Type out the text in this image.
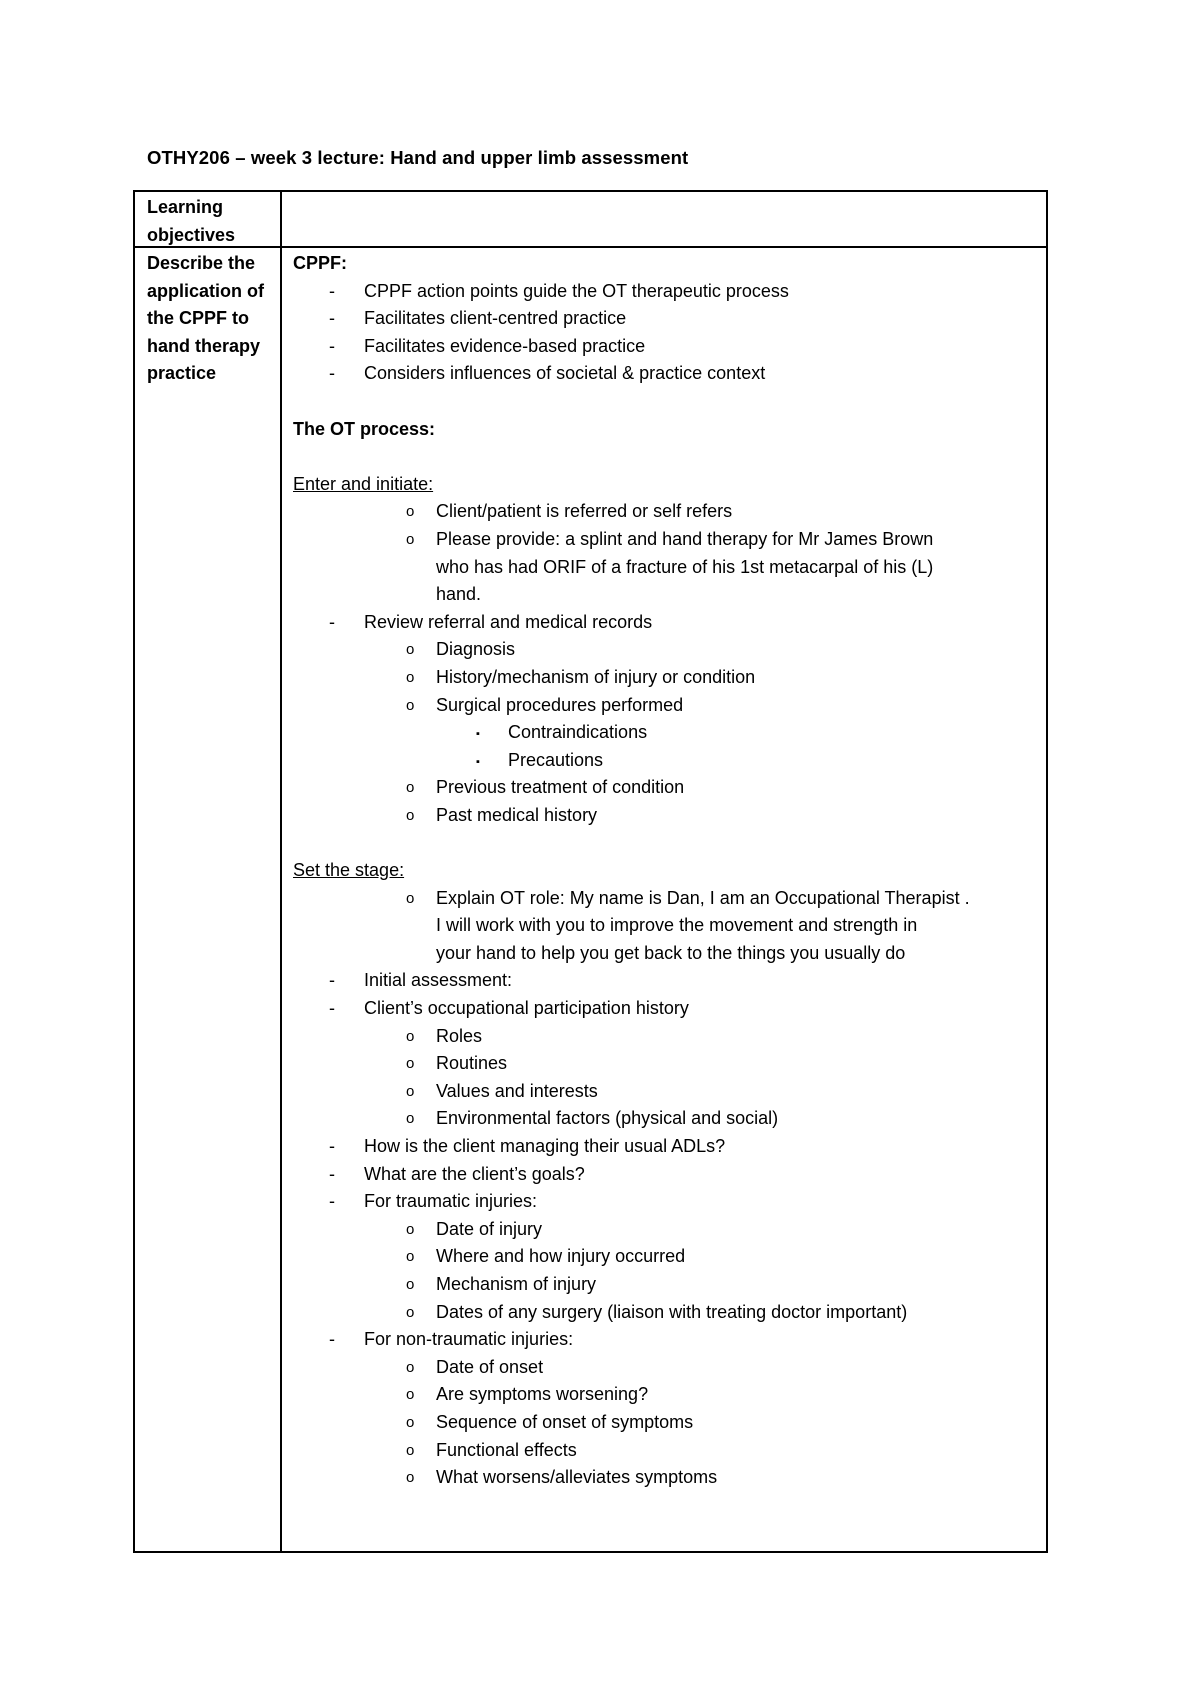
OTHY206 – week 3 lecture: Hand and upper limb assessment
Learning objectives
Describe the application of the CPPF to hand therapy practice
CPPF:
- CPPF action points guide the OT therapeutic process
- Facilitates client-centred practice
- Facilitates evidence-based practice
- Considers influences of societal & practice context
The OT process:
Enter and initiate:
o Client/patient is referred or self refers
o Please provide: a splint and hand therapy for Mr James Brown
who has had ORIF of a fracture of his 1st metacarpal of his (L)
hand.
- Review referral and medical records
o Diagnosis
o History/mechanism of injury or condition
o Surgical procedures performed
▪ Contraindications
▪ Precautions
o Previous treatment of condition
o Past medical history
Set the stage:
o Explain OT role: My name is Dan, I am an Occupational Therapist .
I will work with you to improve the movement and strength in
your hand to help you get back to the things you usually do
- Initial assessment:
- Client’s occupational participation history
o Roles
o Routines
o Values and interests
o Environmental factors (physical and social)
- How is the client managing their usual ADLs?
- What are the client’s goals?
- For traumatic injuries:
o Date of injury
o Where and how injury occurred
o Mechanism of injury
o Dates of any surgery (liaison with treating doctor important)
- For non-traumatic injuries:
o Date of onset
o Are symptoms worsening?
o Sequence of onset of symptoms
o Functional effects
o What worsens/alleviates symptoms
